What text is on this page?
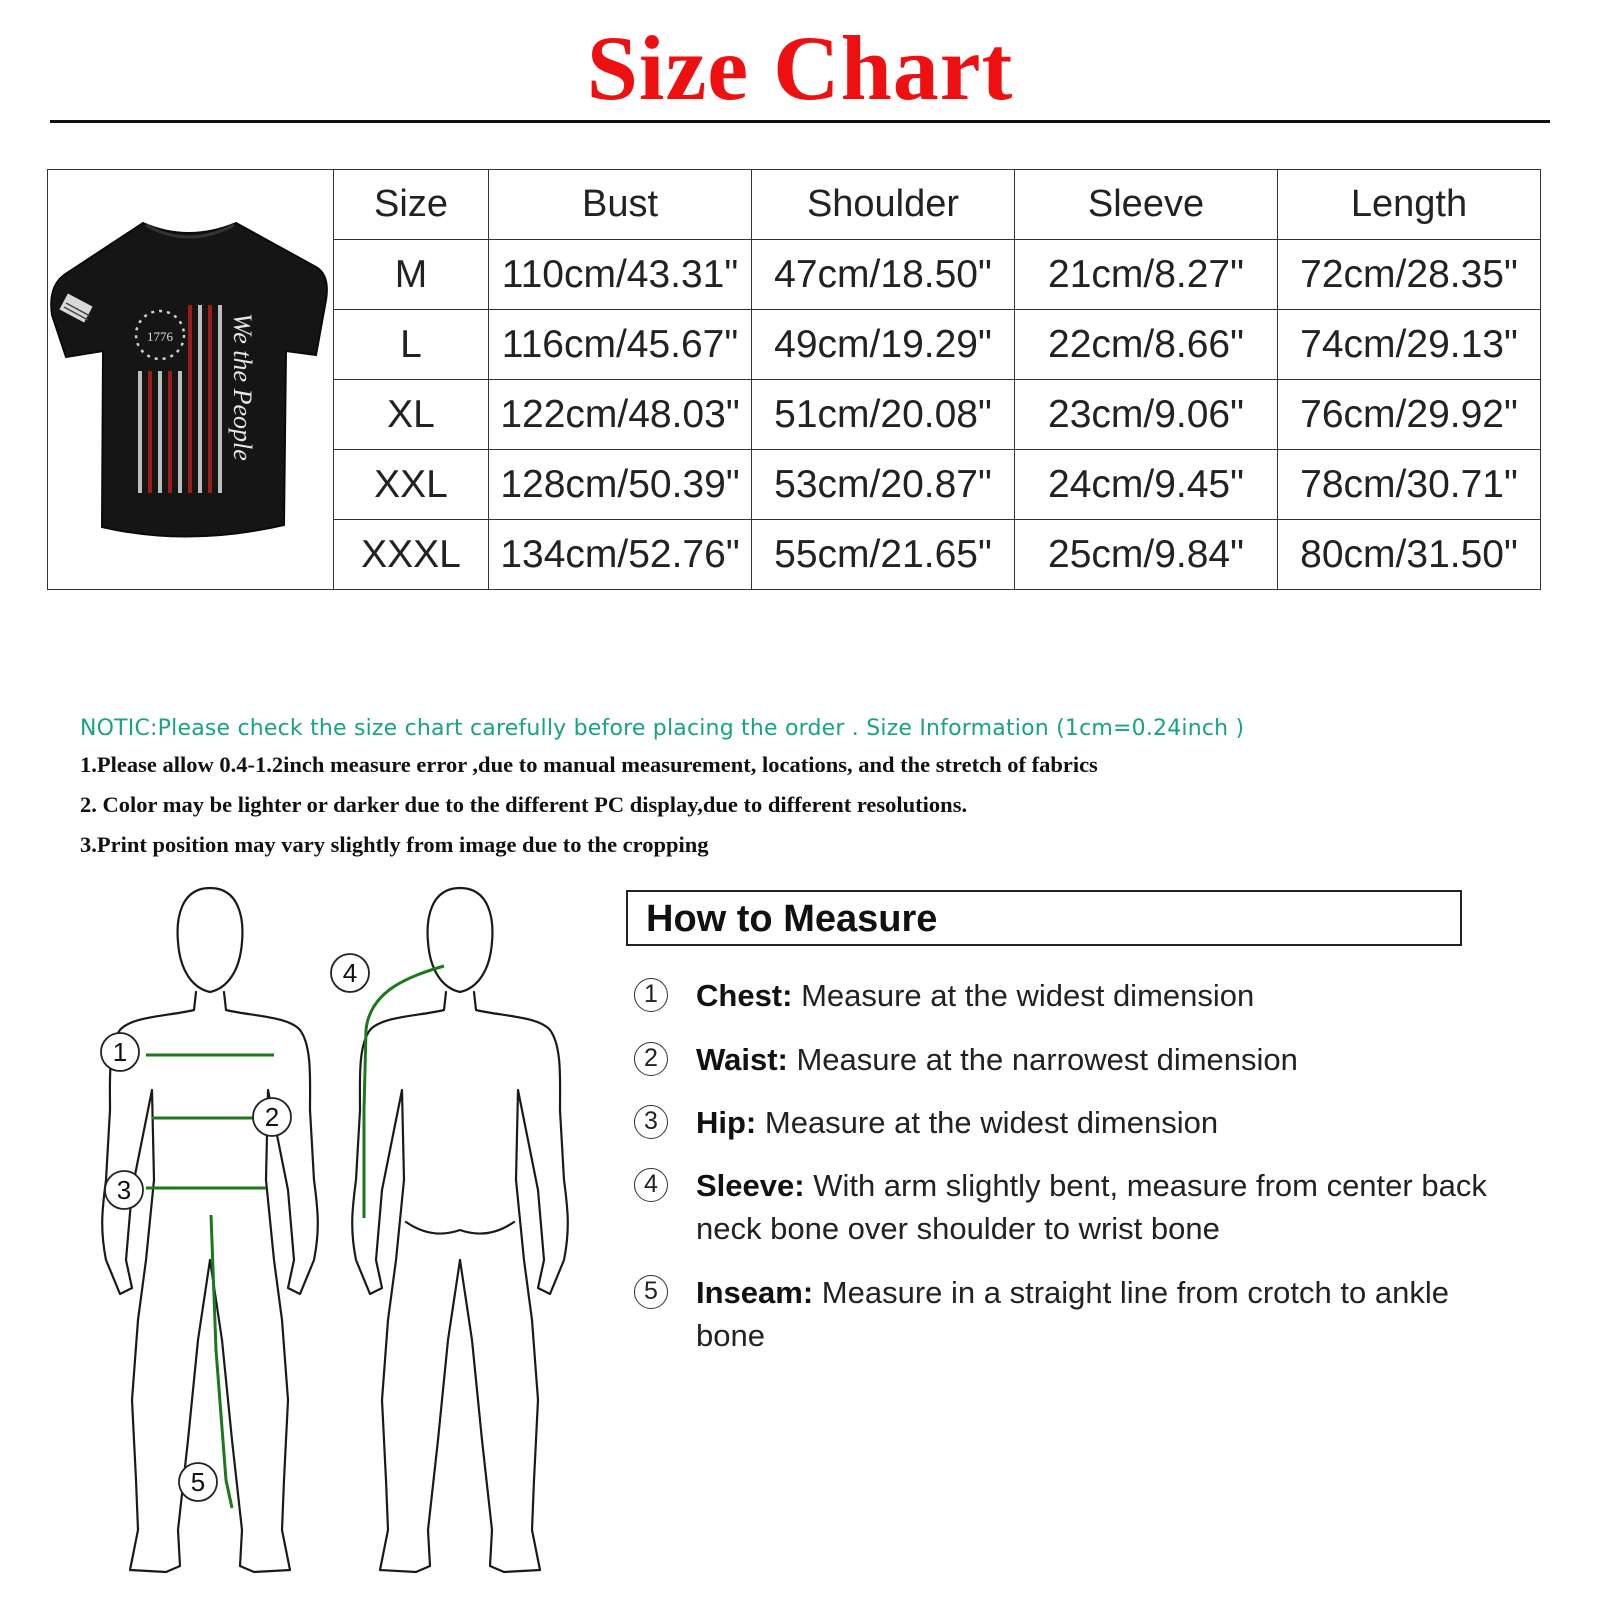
Size Chart
1776 We the People	Size	Bust	Shoulder	Sleeve	Length
	M	110cm/43.31"	47cm/18.50"	21cm/8.27"	72cm/28.35"
	L	116cm/45.67"	49cm/19.29"	22cm/8.66"	74cm/29.13"
	XL	122cm/48.03"	51cm/20.08"	23cm/9.06"	76cm/29.92"
	XXL	128cm/50.39"	53cm/20.87"	24cm/9.45"	78cm/30.71"
	XXXL	134cm/52.76"	55cm/21.65"	25cm/9.84"	80cm/31.50"
NOTIC:Please check the size chart carefully before placing the order . Size Information (1cm=0.24inch )
1.Please allow 0.4-1.2inch measure error ,due to manual measurement, locations, and the stretch of fabrics
2. Color may be lighter or darker due to the different PC display,due to different resolutions.
3.Print position may vary slightly from image due to the cropping
1
2
3
4
5
How to Measure
1	Chest: Measure at the widest dimension
2	Waist: Measure at the narrowest dimension
3	Hip: Measure at the widest dimension
4	Sleeve: With arm slightly bent, measure from center back neck bone over shoulder to wrist bone
5	Inseam: Measure in a straight line from crotch to ankle bone
